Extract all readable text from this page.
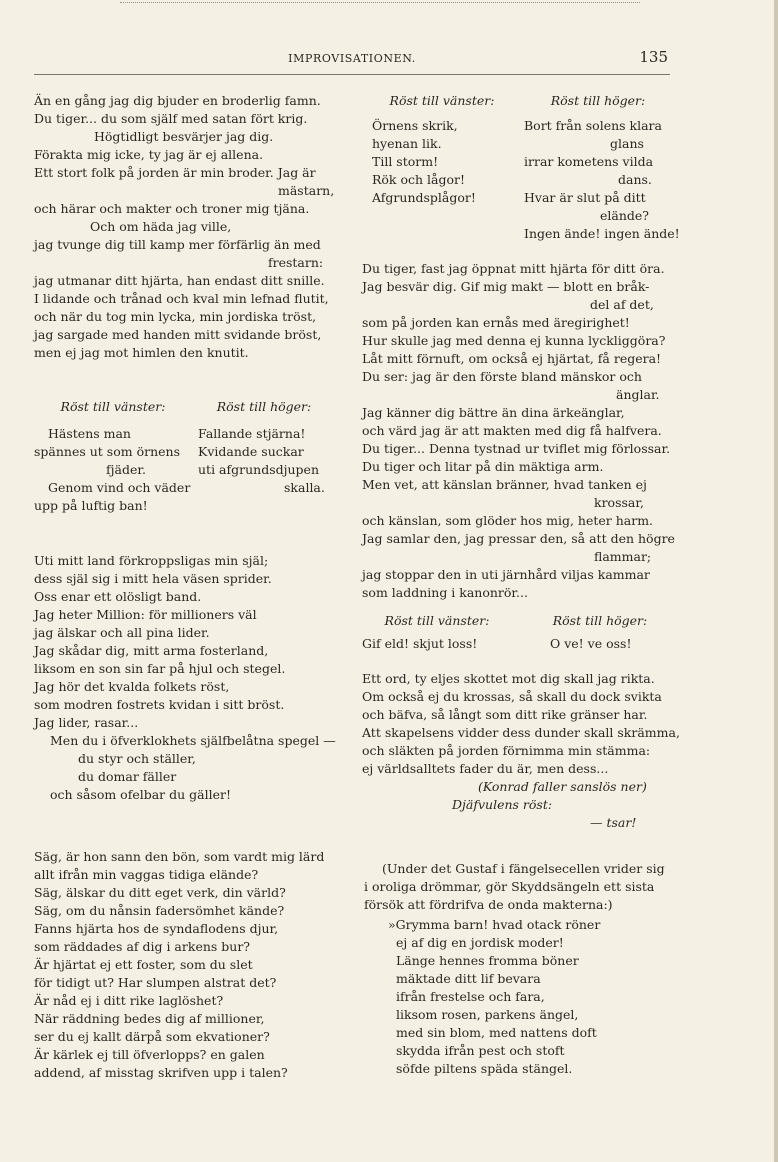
IMPROVISATIONEN.	135
Än en gång jag dig bjuder en broderlig famn.
Du tiger... du som själf med satan fört krig.
Högtidligt besvärjer jag dig.
Förakta mig icke, ty jag är ej allena.
Ett stort folk på jorden är min broder. Jag är
mästarn,
och härar och makter och troner mig tjäna.
Och om häda jag ville,
jag tvunge dig till kamp mer förfärlig än med
frestarn:
jag utmanar ditt hjärta, han endast ditt snille.
I lidande och trånad och kval min lefnad flutit,
och när du tog min lycka, min jordiska tröst,
jag sargade med handen mitt svidande bröst,
men ej jag mot himlen den knutit.
Röst till vänster:
Hästens man
spännes ut som örnens
fjäder.
Genom vind och väder
upp på luftig ban!
Röst till höger:
Fallande stjärna!
Kvidande suckar
uti afgrundsdjupen
skalla.
Uti mitt land förkroppsligas min själ;
dess själ sig i mitt hela väsen sprider.
Oss enar ett olösligt band.
Jag heter Million: för millioners väl
jag älskar och all pina lider.
Jag skådar dig, mitt arma fosterland,
liksom en son sin far på hjul och stegel.
Jag hör det kvalda folkets röst,
som modren fostrets kvidan i sitt bröst.
Jag lider, rasar...
Men du i öfverklokhets själfbelåtna spegel —
du styr och ställer,
du domar fäller
och såsom ofelbar du gäller!
Säg, är hon sann den bön, som vardt mig lärd
allt ifrån min vaggas tidiga elände?
Säg, älskar du ditt eget verk, din värld?
Säg, om du nånsin fadersömhet kände?
Fanns hjärta hos de syndaflodens djur,
som räddades af dig i arkens bur?
Är hjärtat ej ett foster, som du slet
för tidigt ut? Har slumpen alstrat det?
Är nåd ej i ditt rike laglöshet?
När räddning bedes dig af millioner,
ser du ej kallt därpå som ekvationer?
Är kärlek ej till öfverlopps? en galen
addend, af misstag skrifven upp i talen?
Röst till vänster:
Örnens skrik,
hyenan lik.
Till storm!
Rök och lågor!
Afgrundsplågor!
Röst till höger:
Bort från solens klara
glans
irrar kometens vilda
dans.
Hvar är slut på ditt
elände?
Ingen ände! ingen ände!
Du tiger, fast jag öppnat mitt hjärta för ditt öra.
Jag besvär dig. Gif mig makt — blott en bråk-
del af det,
som på jorden kan ernås med äregirighet!
Hur skulle jag med denna ej kunna lyckliggöra?
Låt mitt förnuft, om också ej hjärtat, få regera!
Du ser: jag är den förste bland mänskor och
änglar.
Jag känner dig bättre än dina ärkeänglar,
och värd jag är att makten med dig få halfvera.
Du tiger... Denna tystnad ur tviflet mig förlossar.
Du tiger och litar på din mäktiga arm.
Men vet, att känslan bränner, hvad tanken ej
krossar,
och känslan, som glöder hos mig, heter harm.
Jag samlar den, jag pressar den, så att den högre
flammar;
jag stoppar den in uti järnhård viljas kammar
som laddning i kanonrör...
Röst till vänster:
Gif eld! skjut loss!
Röst till höger:
O ve! ve oss!
Ett ord, ty eljes skottet mot dig skall jag rikta.
Om också ej du krossas, så skall du dock svikta
och bäfva, så långt som ditt rike gränser har.
Att skapelsens vidder dess dunder skall skrämma,
och släkten på jorden förnimma min stämma:
ej världsalltets fader du är, men dess...
(Konrad faller sanslös ner)
Djäfvulens röst:
— tsar!
(Under det Gustaf i fängelsecellen vrider sig
i oroliga drömmar, gör Skyddsängeln ett sista
försök att fördrifva de onda makterna:)
»Grymma barn! hvad otack röner
ej af dig en jordisk moder!
Länge hennes fromma böner
mäktade ditt lif bevara
ifrån frestelse och fara,
liksom rosen, parkens ängel,
med sin blom, med nattens doft
skydda ifrån pest och stoft
söfde piltens späda stängel.
